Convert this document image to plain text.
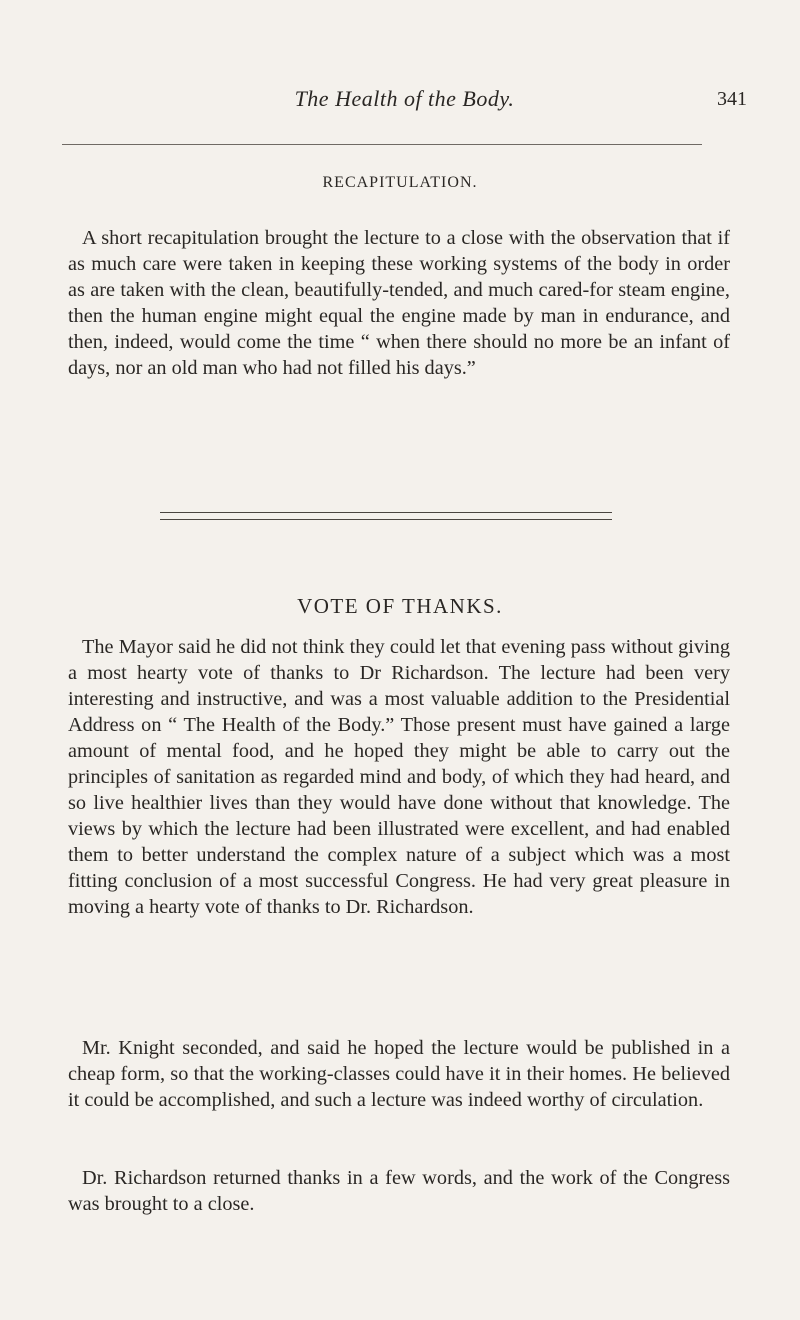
The Health of the Body.	341
RECAPITULATION.

A short recapitulation brought the lecture to a close with the observation that if as much care were taken in keeping these working systems of the body in order as are taken with the clean, beautifully-tended, and much cared-for steam engine, then the human engine might equal the engine made by man in endurance, and then, indeed, would come the time “ when there should no more be an infant of days, nor an old man who had not filled his days.”

VOTE OF THANKS.

The Mayor said he did not think they could let that evening pass without giving a most hearty vote of thanks to Dr Richardson. The lecture had been very interesting and instructive, and was a most valuable addition to the Presidential Address on “ The Health of the Body.” Those present must have gained a large amount of mental food, and he hoped they might be able to carry out the principles of sanitation as regarded mind and body, of which they had heard, and so live healthier lives than they would have done without that knowledge. The views by which the lecture had been illustrated were excellent, and had enabled them to better understand the complex nature of a subject which was a most fitting conclusion of a most successful Congress. He had very great pleasure in moving a hearty vote of thanks to Dr. Richardson.

Mr. Knight seconded, and said he hoped the lecture would be published in a cheap form, so that the working-classes could have it in their homes. He believed it could be accomplished, and such a lecture was indeed worthy of circulation.

Dr. Richardson returned thanks in a few words, and the work of the Congress was brought to a close.
